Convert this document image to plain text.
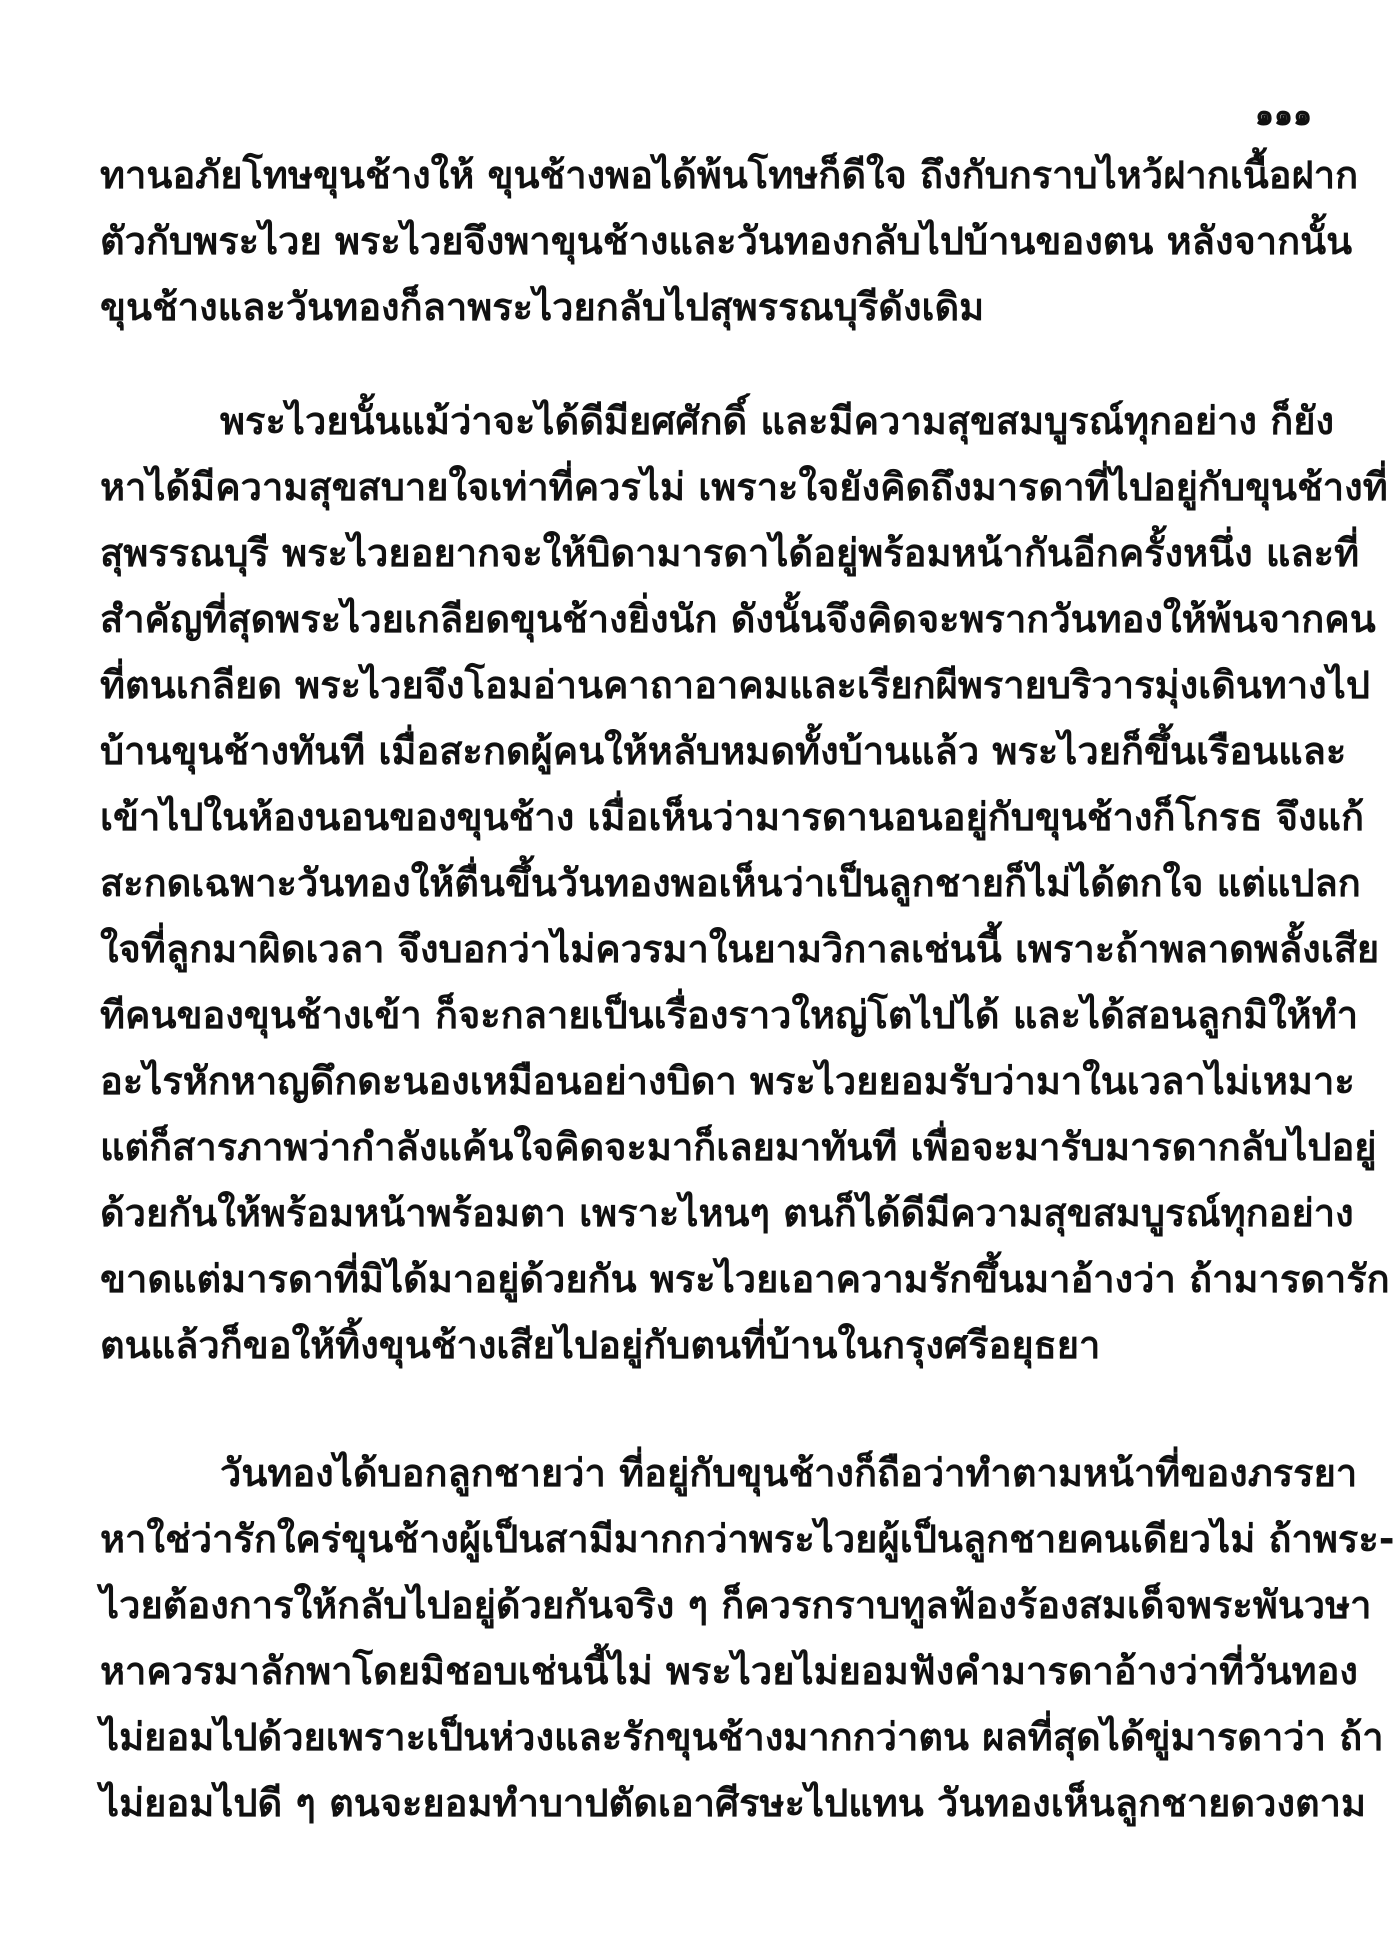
๑๑๑
ทานอภัยโทษขุนช้างให้ ขุนช้างพอได้พ้นโทษก็ดีใจ ถึงกับกราบไหว้ฝากเนื้อฝาก
ตัวกับพระไวย พระไวยจึงพาขุนช้างและวันทองกลับไปบ้านของตน หลังจากนั้น
ขุนช้างและวันทองก็ลาพระไวยกลับไปสุพรรณบุรีดังเดิม
พระไวยนั้นแม้ว่าจะได้ดีมียศศักดิ์ และมีความสุขสมบูรณ์ทุกอย่าง ก็ยัง
หาได้มีความสุขสบายใจเท่าที่ควรไม่ เพราะใจยังคิดถึงมารดาที่ไปอยู่กับขุนช้างที่
สุพรรณบุรี พระไวยอยากจะให้บิดามารดาได้อยู่พร้อมหน้ากันอีกครั้งหนึ่ง และที่
สำคัญที่สุดพระไวยเกลียดขุนช้างยิ่งนัก ดังนั้นจึงคิดจะพรากวันทองให้พ้นจากคน
ที่ตนเกลียด พระไวยจึงโอมอ่านคาถาอาคมและเรียกผีพรายบริวารมุ่งเดินทางไป
บ้านขุนช้างทันที เมื่อสะกดผู้คนให้หลับหมดทั้งบ้านแล้ว พระไวยก็ขึ้นเรือนและ
เข้าไปในห้องนอนของขุนช้าง เมื่อเห็นว่ามารดานอนอยู่กับขุนช้างก็โกรธ จึงแก้
สะกดเฉพาะวันทองให้ตื่นขึ้นวันทองพอเห็นว่าเป็นลูกชายก็ไม่ได้ตกใจ แต่แปลก
ใจที่ลูกมาผิดเวลา จึงบอกว่าไม่ควรมาในยามวิกาลเช่นนี้ เพราะถ้าพลาดพลั้งเสีย
ทีคนของขุนช้างเข้า ก็จะกลายเป็นเรื่องราวใหญ่โตไปได้ และได้สอนลูกมิให้ทำ
อะไรหักหาญดึกดะนองเหมือนอย่างบิดา พระไวยยอมรับว่ามาในเวลาไม่เหมาะ
แต่ก็สารภาพว่ากำลังแค้นใจคิดจะมาก็เลยมาทันที เพื่อจะมารับมารดากลับไปอยู่
ด้วยกันให้พร้อมหน้าพร้อมตา เพราะไหนๆ ตนก็ได้ดีมีความสุขสมบูรณ์ทุกอย่าง
ขาดแต่มารดาที่มิได้มาอยู่ด้วยกัน พระไวยเอาความรักขึ้นมาอ้างว่า ถ้ามารดารัก
ตนแล้วก็ขอให้ทิ้งขุนช้างเสียไปอยู่กับตนที่บ้านในกรุงศรีอยุธยา
วันทองได้บอกลูกชายว่า ที่อยู่กับขุนช้างก็ถือว่าทำตามหน้าที่ของภรรยา
หาใช่ว่ารักใคร่ขุนช้างผู้เป็นสามีมากกว่าพระไวยผู้เป็นลูกชายคนเดียวไม่ ถ้าพระ-
ไวยต้องการให้กลับไปอยู่ด้วยกันจริง ๆ ก็ควรกราบทูลฟ้องร้องสมเด็จพระพันวษา
หาควรมาลักพาโดยมิชอบเช่นนี้ไม่ พระไวยไม่ยอมฟังคำมารดาอ้างว่าที่วันทอง
ไม่ยอมไปด้วยเพราะเป็นห่วงและรักขุนช้างมากกว่าตน ผลที่สุดได้ขู่มารดาว่า ถ้า
ไม่ยอมไปดี ๆ ตนจะยอมทำบาปตัดเอาศีรษะไปแทน วันทองเห็นลูกชายดวงตาม
